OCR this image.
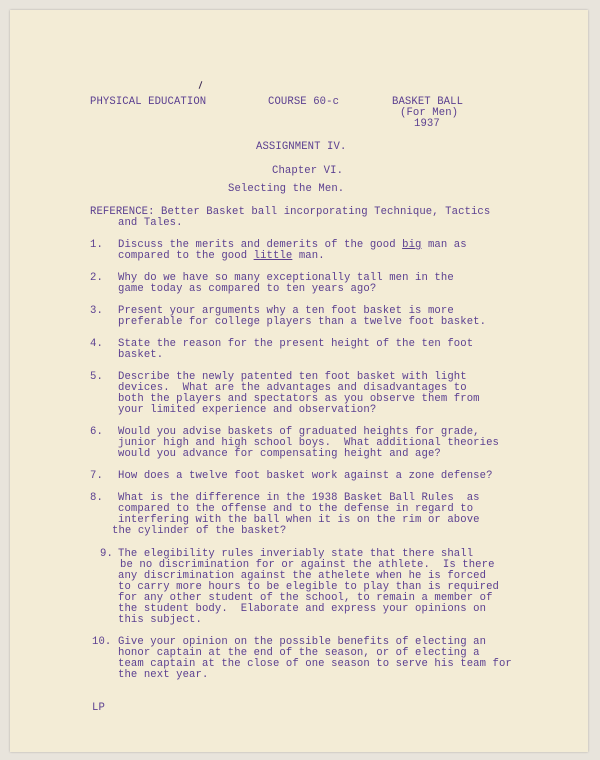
PHYSICAL EDUCATION	COURSE 60-c	BASKET BALL
(For Men)
1937
ASSIGNMENT IV.
Chapter VI.
Selecting the Men.
REFERENCE: Better Basket ball incorporating Technique, Tactics
and Tales.
1. Discuss the merits and demerits of the good big man as
compared to the good little man.
2. Why do we have so many exceptionally tall men in the
game today as compared to ten years ago?
3. Present your arguments why a ten foot basket is more
preferable for college players than a twelve foot basket.
4. State the reason for the present height of the ten foot
basket.
5. Describe the newly patented ten foot basket with light
devices.  What are the advantages and disadvantages to
both the players and spectators as you observe them from
your limited experience and observation?
6. Would you advise baskets of graduated heights for grade,
junior high and high school boys.  What additional theories
would you advance for compensating height and age?
7. How does a twelve foot basket work against a zone defense?
8. What is the difference in the 1938 Basket Ball Rules  as
compared to the offense and to the defense in regard to
interfering with the ball when it is on the rim or above
the cylinder of the basket?
9. The elegibility rules inveriably state that there shall
be no discrimination for or against the athlete.  Is there
any discrimination against the athelete when he is forced
to carry more hours to be elegible to play than is required
for any other student of the school, to remain a member of
the student body.  Elaborate and express your opinions on
this subject.
10. Give your opinion on the possible benefits of electing an
honor captain at the end of the season, or of electing a
team captain at the close of one season to serve his team for
the next year.
LP
